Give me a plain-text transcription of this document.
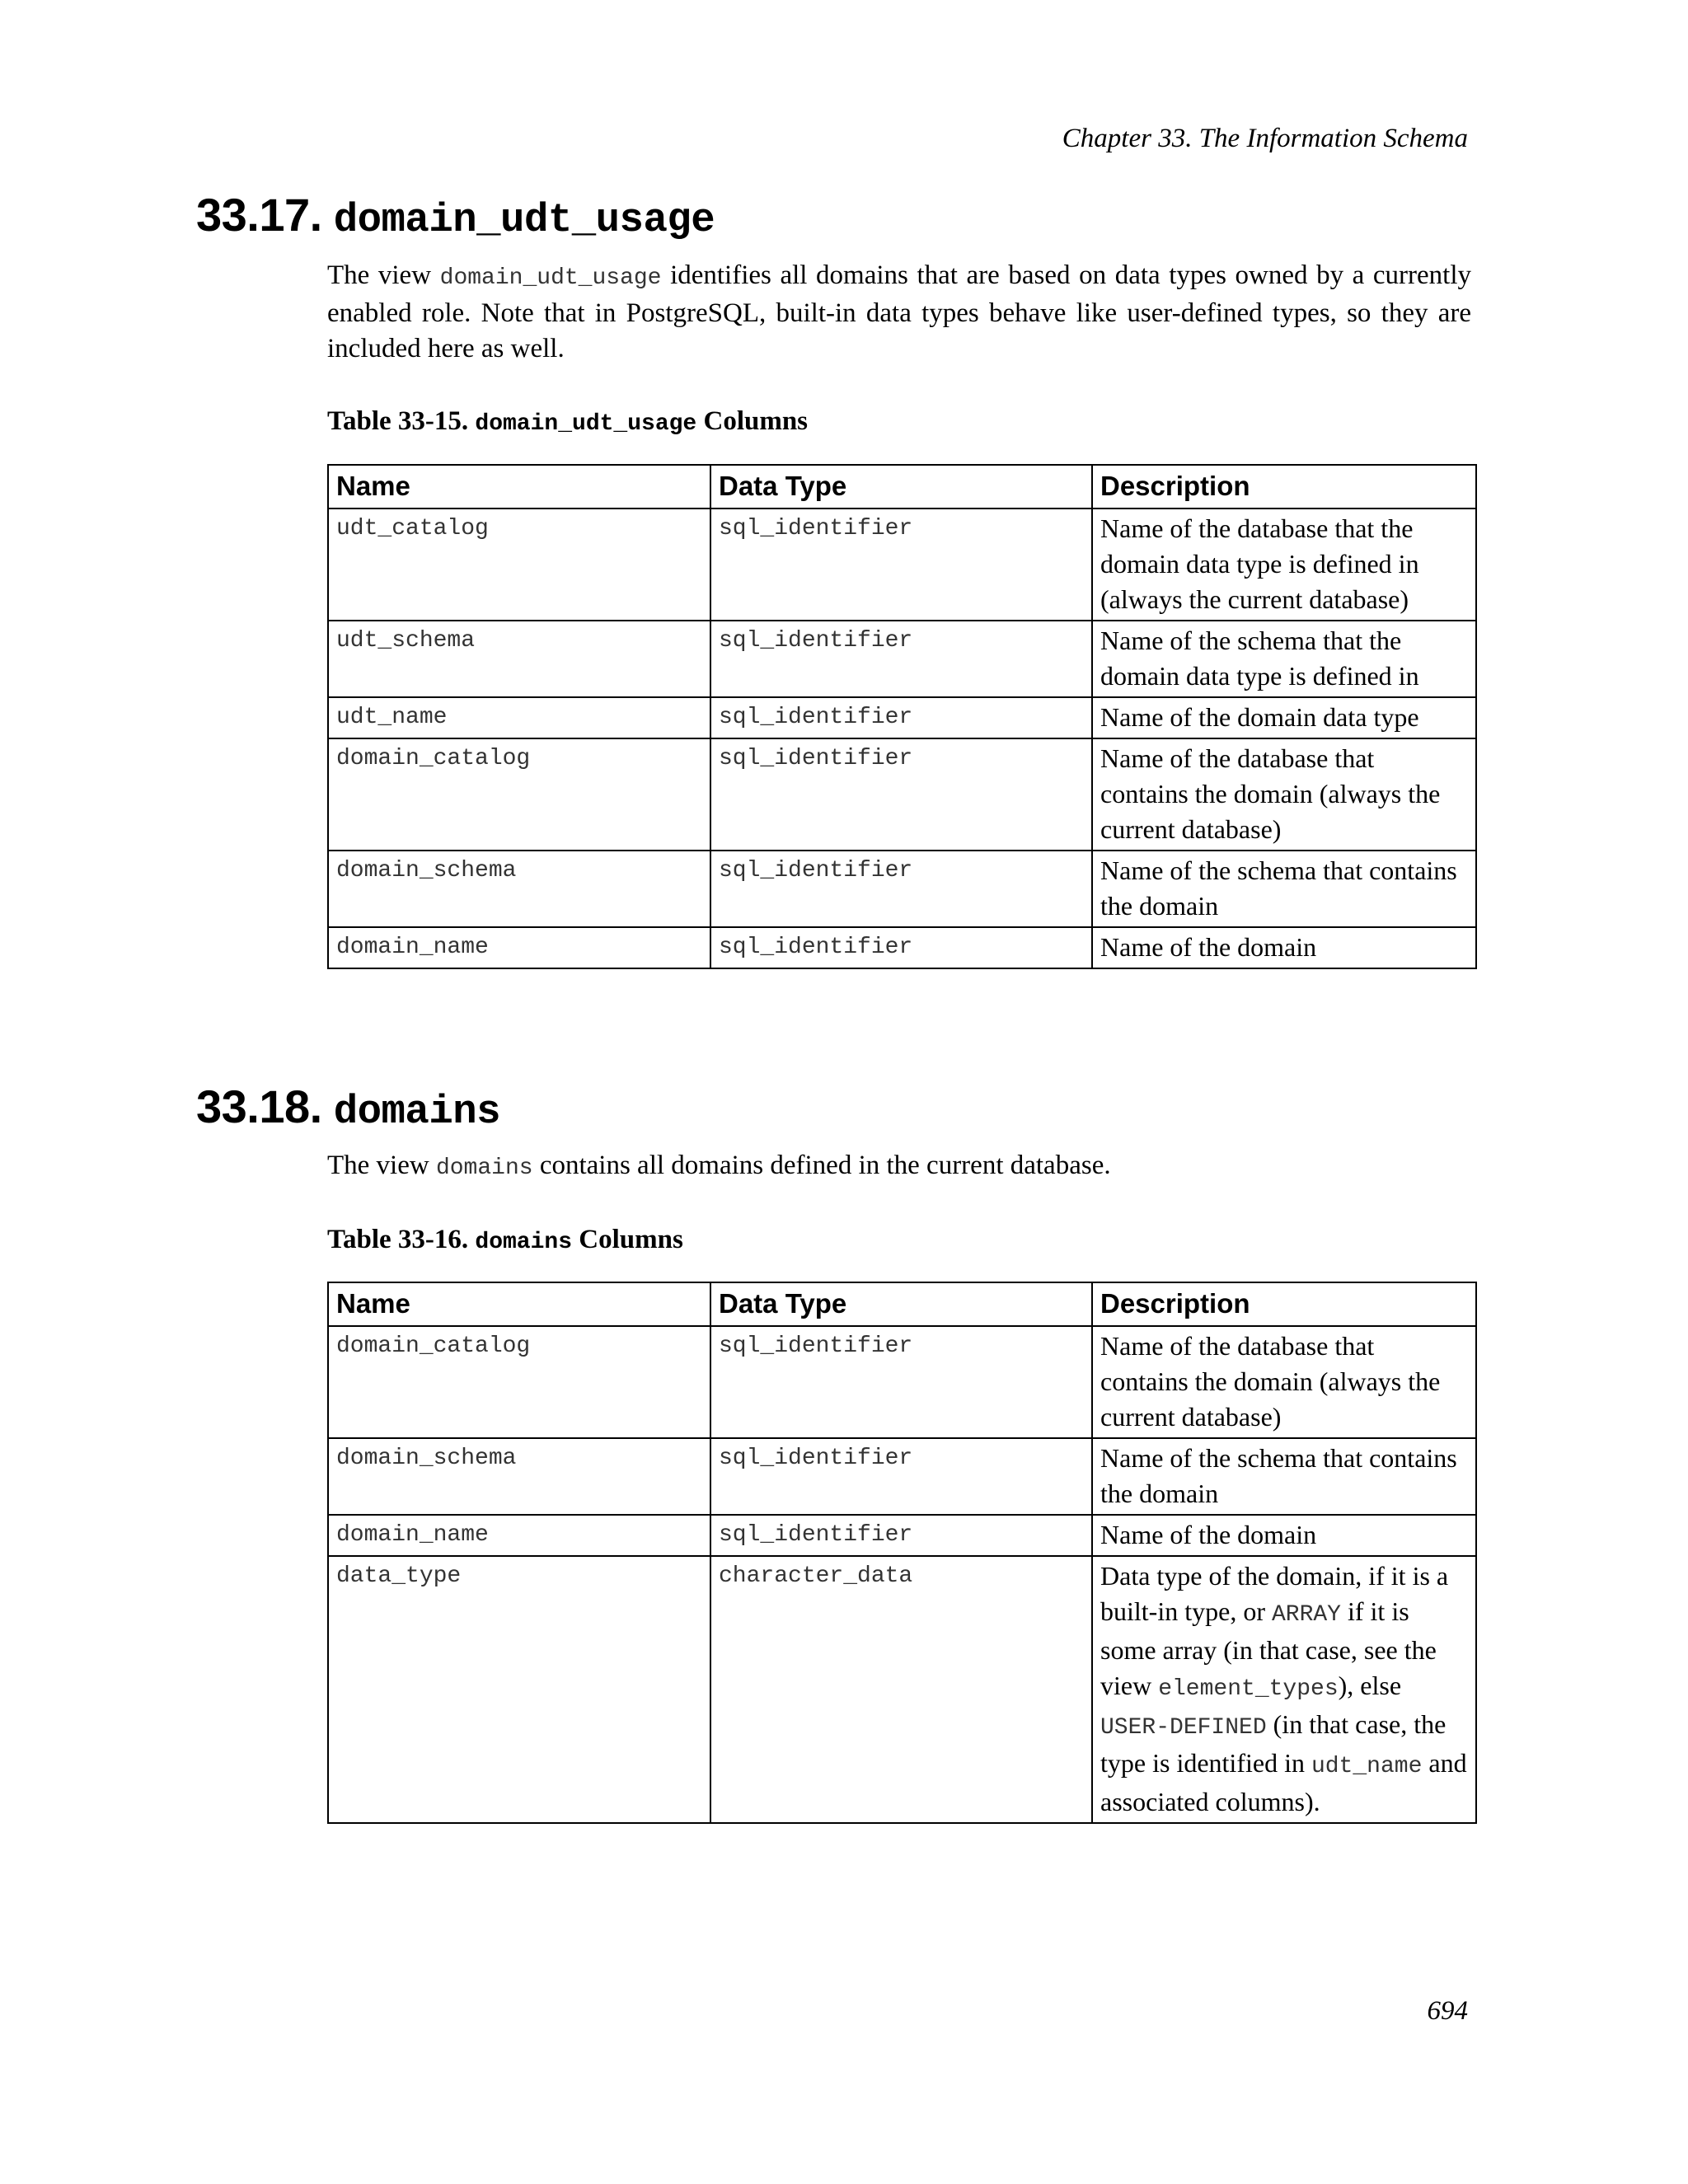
Chapter 33. The Information Schema
33.17. domain_udt_usage

The view domain_udt_usage identifies all domains that are based on data types owned by a currently enabled role. Note that in PostgreSQL, built-in data types behave like user-defined types, so they are included here as well.

Table 33-15. domain_udt_usage Columns
Name	Data Type	Description
udt_catalog	sql_identifier	Name of the database that the domain data type is defined in (always the current database)
udt_schema	sql_identifier	Name of the schema that the domain data type is defined in
udt_name	sql_identifier	Name of the domain data type
domain_catalog	sql_identifier	Name of the database that contains the domain (always the current database)
domain_schema	sql_identifier	Name of the schema that contains the domain
domain_name	sql_identifier	Name of the domain
33.18. domains

The view domains contains all domains defined in the current database.

Table 33-16. domains Columns
Name	Data Type	Description
domain_catalog	sql_identifier	Name of the database that contains the domain (always the current database)
domain_schema	sql_identifier	Name of the schema that contains the domain
domain_name	sql_identifier	Name of the domain
data_type	character_data	Data type of the domain, if it is a built-in type, or ARRAY if it is some array (in that case, see the view element_types), else USER-DEFINED (in that case, the type is identified in udt_name and associated columns).
694
